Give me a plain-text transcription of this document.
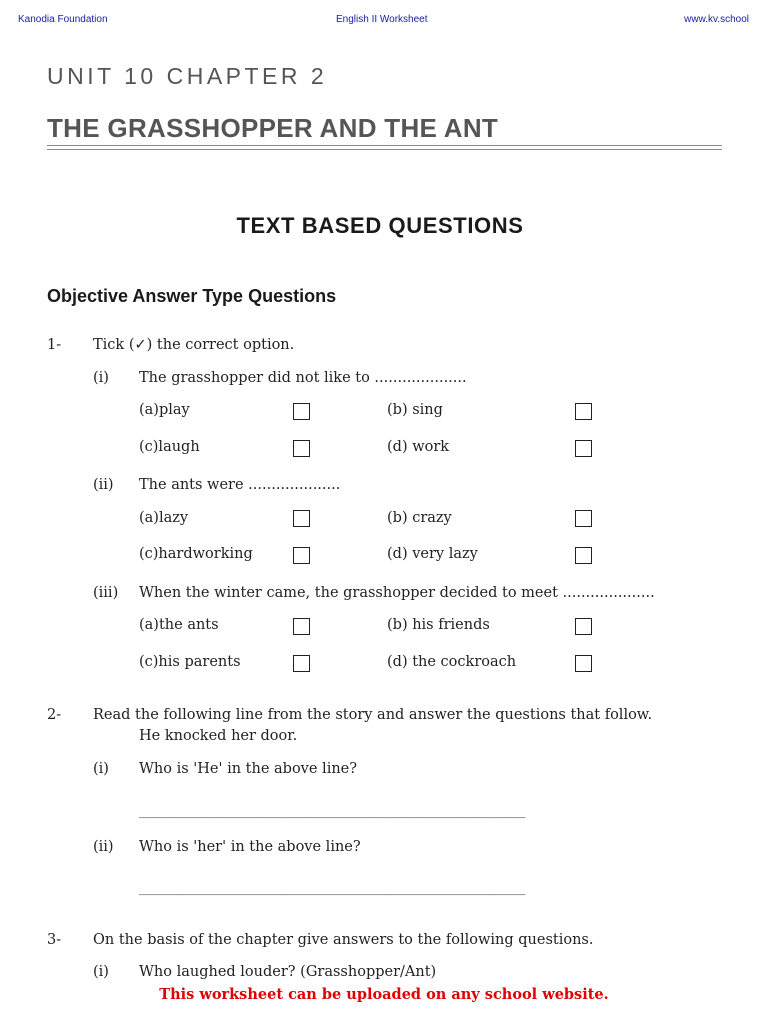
Kanodia Foundation	English II Worksheet	www.kv.school
UNIT 10 CHAPTER 2
THE GRASSHOPPER AND THE ANT
TEXT BASED QUESTIONS
Objective Answer Type Questions
1- Tick (✓) the correct option.
(i) The grasshopper did not like to ....................
(a)play	(b) sing
(c)laugh	(d) work
(ii) The ants were ....................
(a)lazy	(b) crazy
(c)hardworking	(d) very lazy
(iii) When the winter came, the grasshopper decided to meet ....................
(a)the ants	(b) his friends
(c)his parents	(d) the cockroach
2- Read the following line from the story and answer the questions that follow.
He knocked her door.
(i) Who is 'He' in the above line?
____________________________________________________
(ii) Who is 'her' in the above line?
____________________________________________________
3- On the basis of the chapter give answers to the following questions.
(i) Who laughed louder? (Grasshopper/Ant)
This worksheet can be uploaded on any school website.
